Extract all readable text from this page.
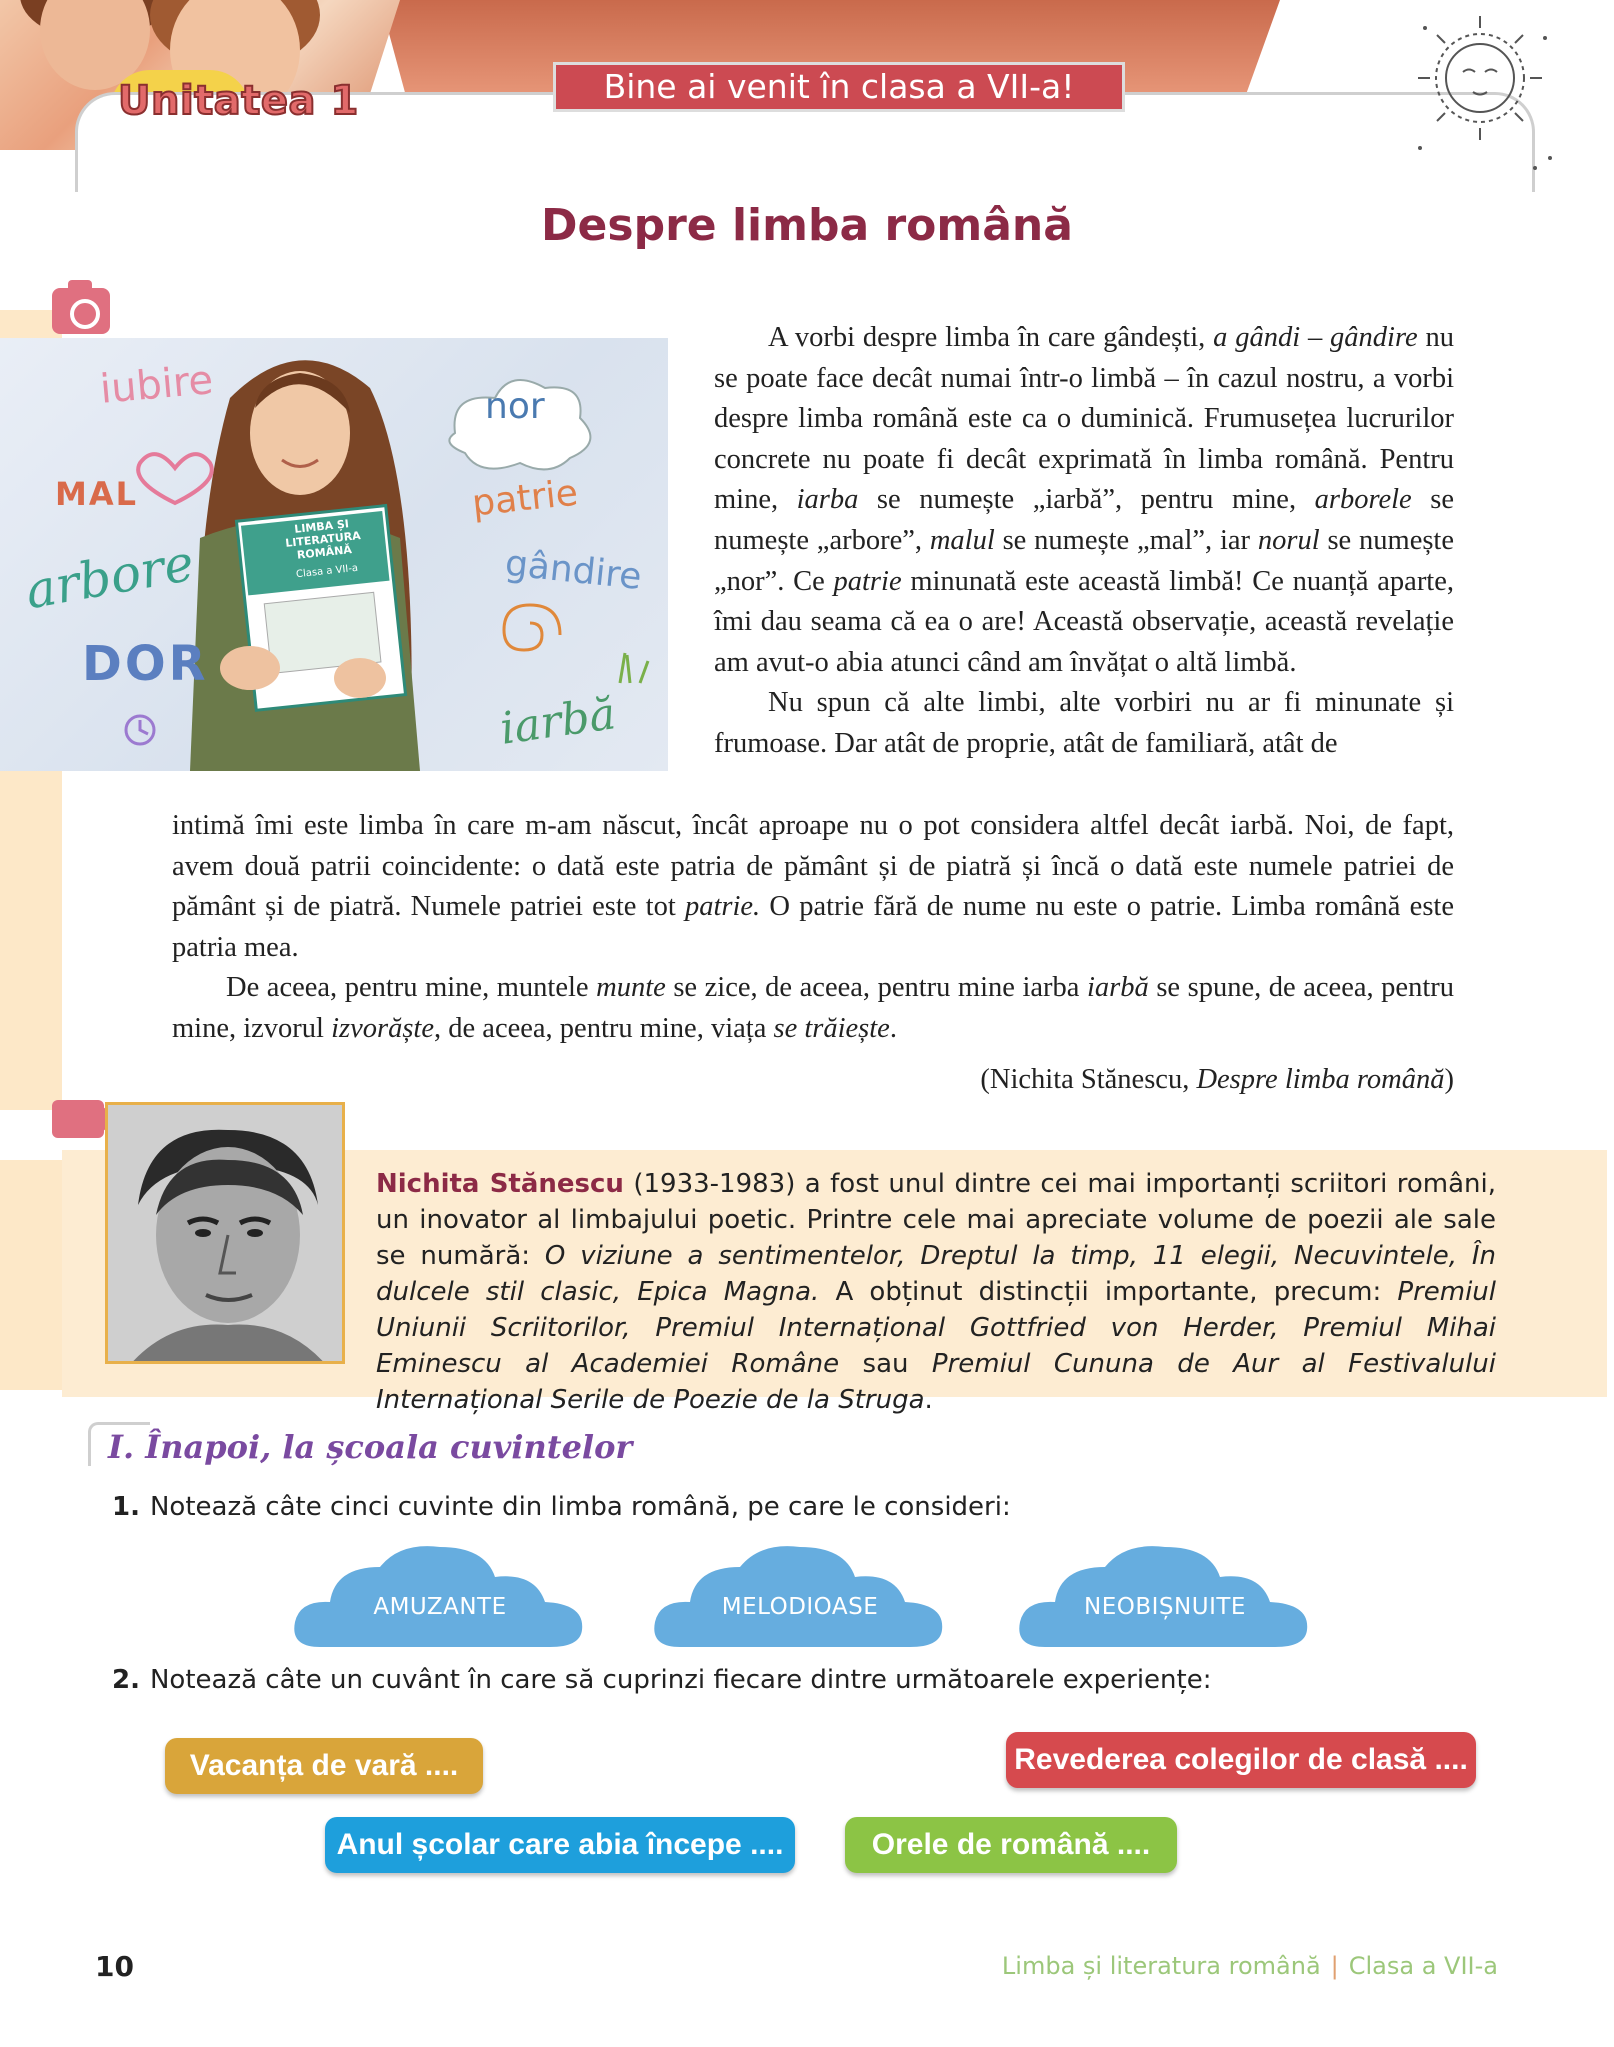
Unitatea 1	Bine ai venit în clasa a VII-a!
Despre limba română
LIMBA ȘI LITERATURA ROMÂNĂ
Clasa a VII-a
iubire
MAL
arbore
DOR
nor
patrie
gândire
iarbă

A vorbi despre limba în care gândești, a gândi – gândire nu se poate face decât numai într-o limbă – în cazul nostru, a vorbi despre limba română este ca o duminică. Frumusețea lucrurilor concrete nu poate fi decât exprimată în limba română. Pentru mine, iarba se numește „iarbă”, pentru mine, arborele se numește „arbore”, malul se numește „mal”, iar norul se numește „nor”. Ce patrie minunată este această limbă! Ce nuanță aparte, îmi dau seama că ea o are! Această observație, această revelație am avut-o abia atunci când am învățat o altă limbă.

Nu spun că alte limbi, alte vorbiri nu ar fi minunate și frumoase. Dar atât de proprie, atât de familiară, atât de

intimă îmi este limba în care m-am născut, încât aproape nu o pot considera altfel decât iarbă. Noi, de fapt, avem două patrii coincidente: o dată este patria de pământ și de piatră și încă o dată este numele patriei de pământ și de piatră. Numele patriei este tot patrie. O patrie fără de nume nu este o patrie. Limba română este patria mea.

De aceea, pentru mine, muntele munte se zice, de aceea, pentru mine iarba iarbă se spune, de aceea, pentru mine, izvorul izvorăște, de aceea, pentru mine, viața se trăiește.

(Nichita Stănescu, Despre limba română)
Nichita Stănescu (1933-1983) a fost unul dintre cei mai importanți scriitori români, un inovator al limbajului poetic. Printre cele mai apreciate volume de poezii ale sale se numără: O viziune a sentimentelor, Dreptul la timp, 11 elegii, Necuvintele, În dulcele stil clasic, Epica Magna. A obținut distincții importante, precum: Premiul Uniunii Scriitorilor, Premiul Internațional Gottfried von Herder, Premiul Mihai Eminescu al Academiei Române sau Premiul Cununa de Aur al Festivalului Internațional Serile de Poezie de la Struga.
I. Înapoi, la școala cuvintelor
1. Notează câte cinci cuvinte din limba română, pe care le consideri:
AMUZANTE	MELODIOASE	NEOBIȘNUITE
2. Notează câte un cuvânt în care să cuprinzi fiecare dintre următoarele experiențe:
Vacanța de vară ....	Revederea colegilor de clasă ....
Anul școlar care abia începe ....	Orele de română ....
10	Limba și literatura română | Clasa a VII-a
